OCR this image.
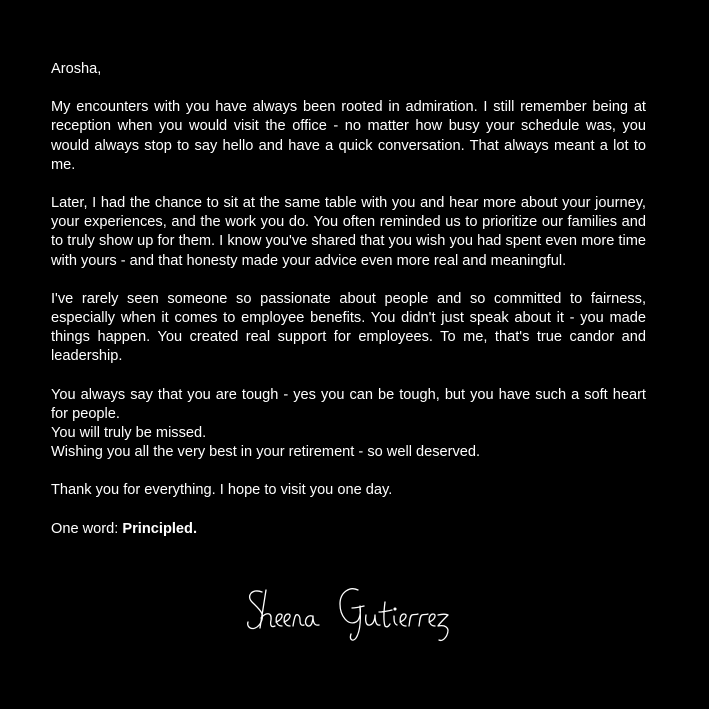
Arosha,

My encounters with you have always been rooted in admiration. I still remember being at reception when you would visit the office - no matter how busy your schedule was, you would always stop to say hello and have a quick conversation. That always meant a lot to me.

Later, I had the chance to sit at the same table with you and hear more about your journey, your experiences, and the work you do. You often reminded us to prioritize our families and to truly show up for them. I know you've shared that you wish you had spent even more time with yours - and that honesty made your advice even more real and meaningful.

I've rarely seen someone so passionate about people and so committed to fairness, especially when it comes to employee benefits. You didn't just speak about it - you made things happen. You created real support for employees. To me, that's true candor and leadership.

You always say that you are tough - yes you can be tough, but you have such a soft heart for people.

You will truly be missed.

Wishing you all the very best in your retirement - so well deserved.

Thank you for everything. I hope to visit you one day.

One word: Principled.
